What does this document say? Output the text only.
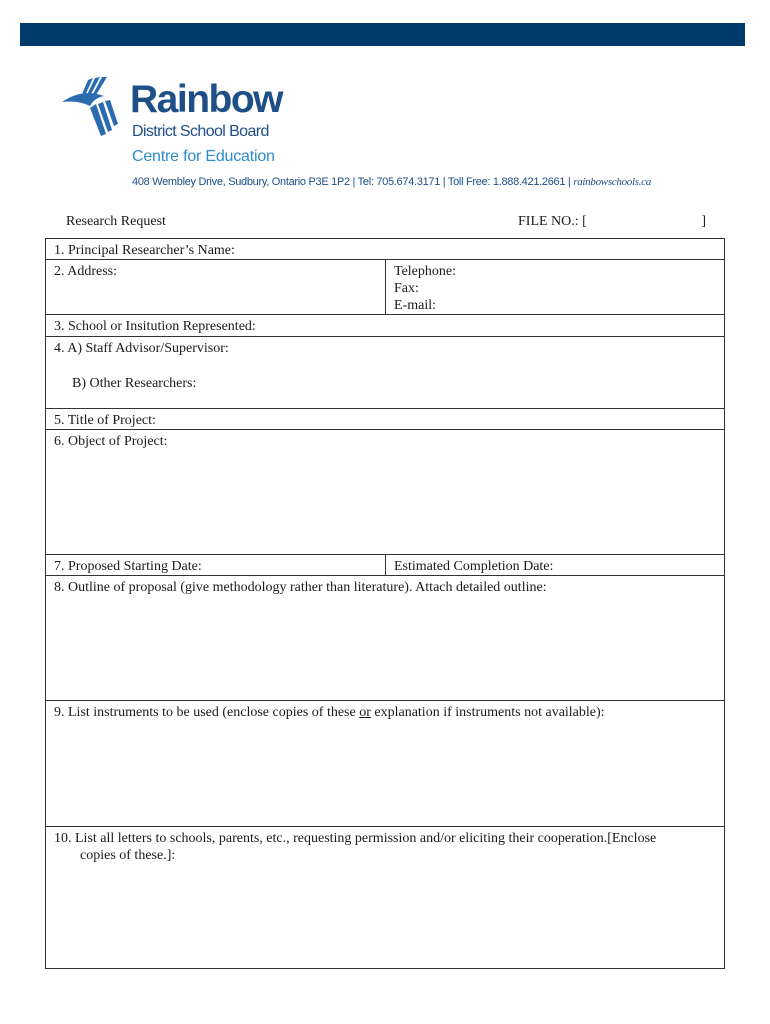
Rainbow
District School Board
Centre for Education
408 Wembley Drive, Sudbury, Ontario P3E 1P2 | Tel: 705.674.3171 | Toll Free: 1.888.421.2661 | rainbowschools.ca
Research Request	FILE NO.: [	]
1. Principal Researcher’s Name:
2. Address:	Telephone:
Fax:
E-mail:
3. School or Insitution Represented:
4. A) Staff Advisor/Supervisor:
B) Other Researchers:
5. Title of Project:
6. Object of Project:
7. Proposed Starting Date:	Estimated Completion Date:
8. Outline of proposal (give methodology rather than literature). Attach detailed outline:
9. List instruments to be used (enclose copies of these or explanation if instruments not available):
10. List all letters to schools, parents, etc., requesting permission and/or eliciting their cooperation.[Enclose
copies of these.]:
